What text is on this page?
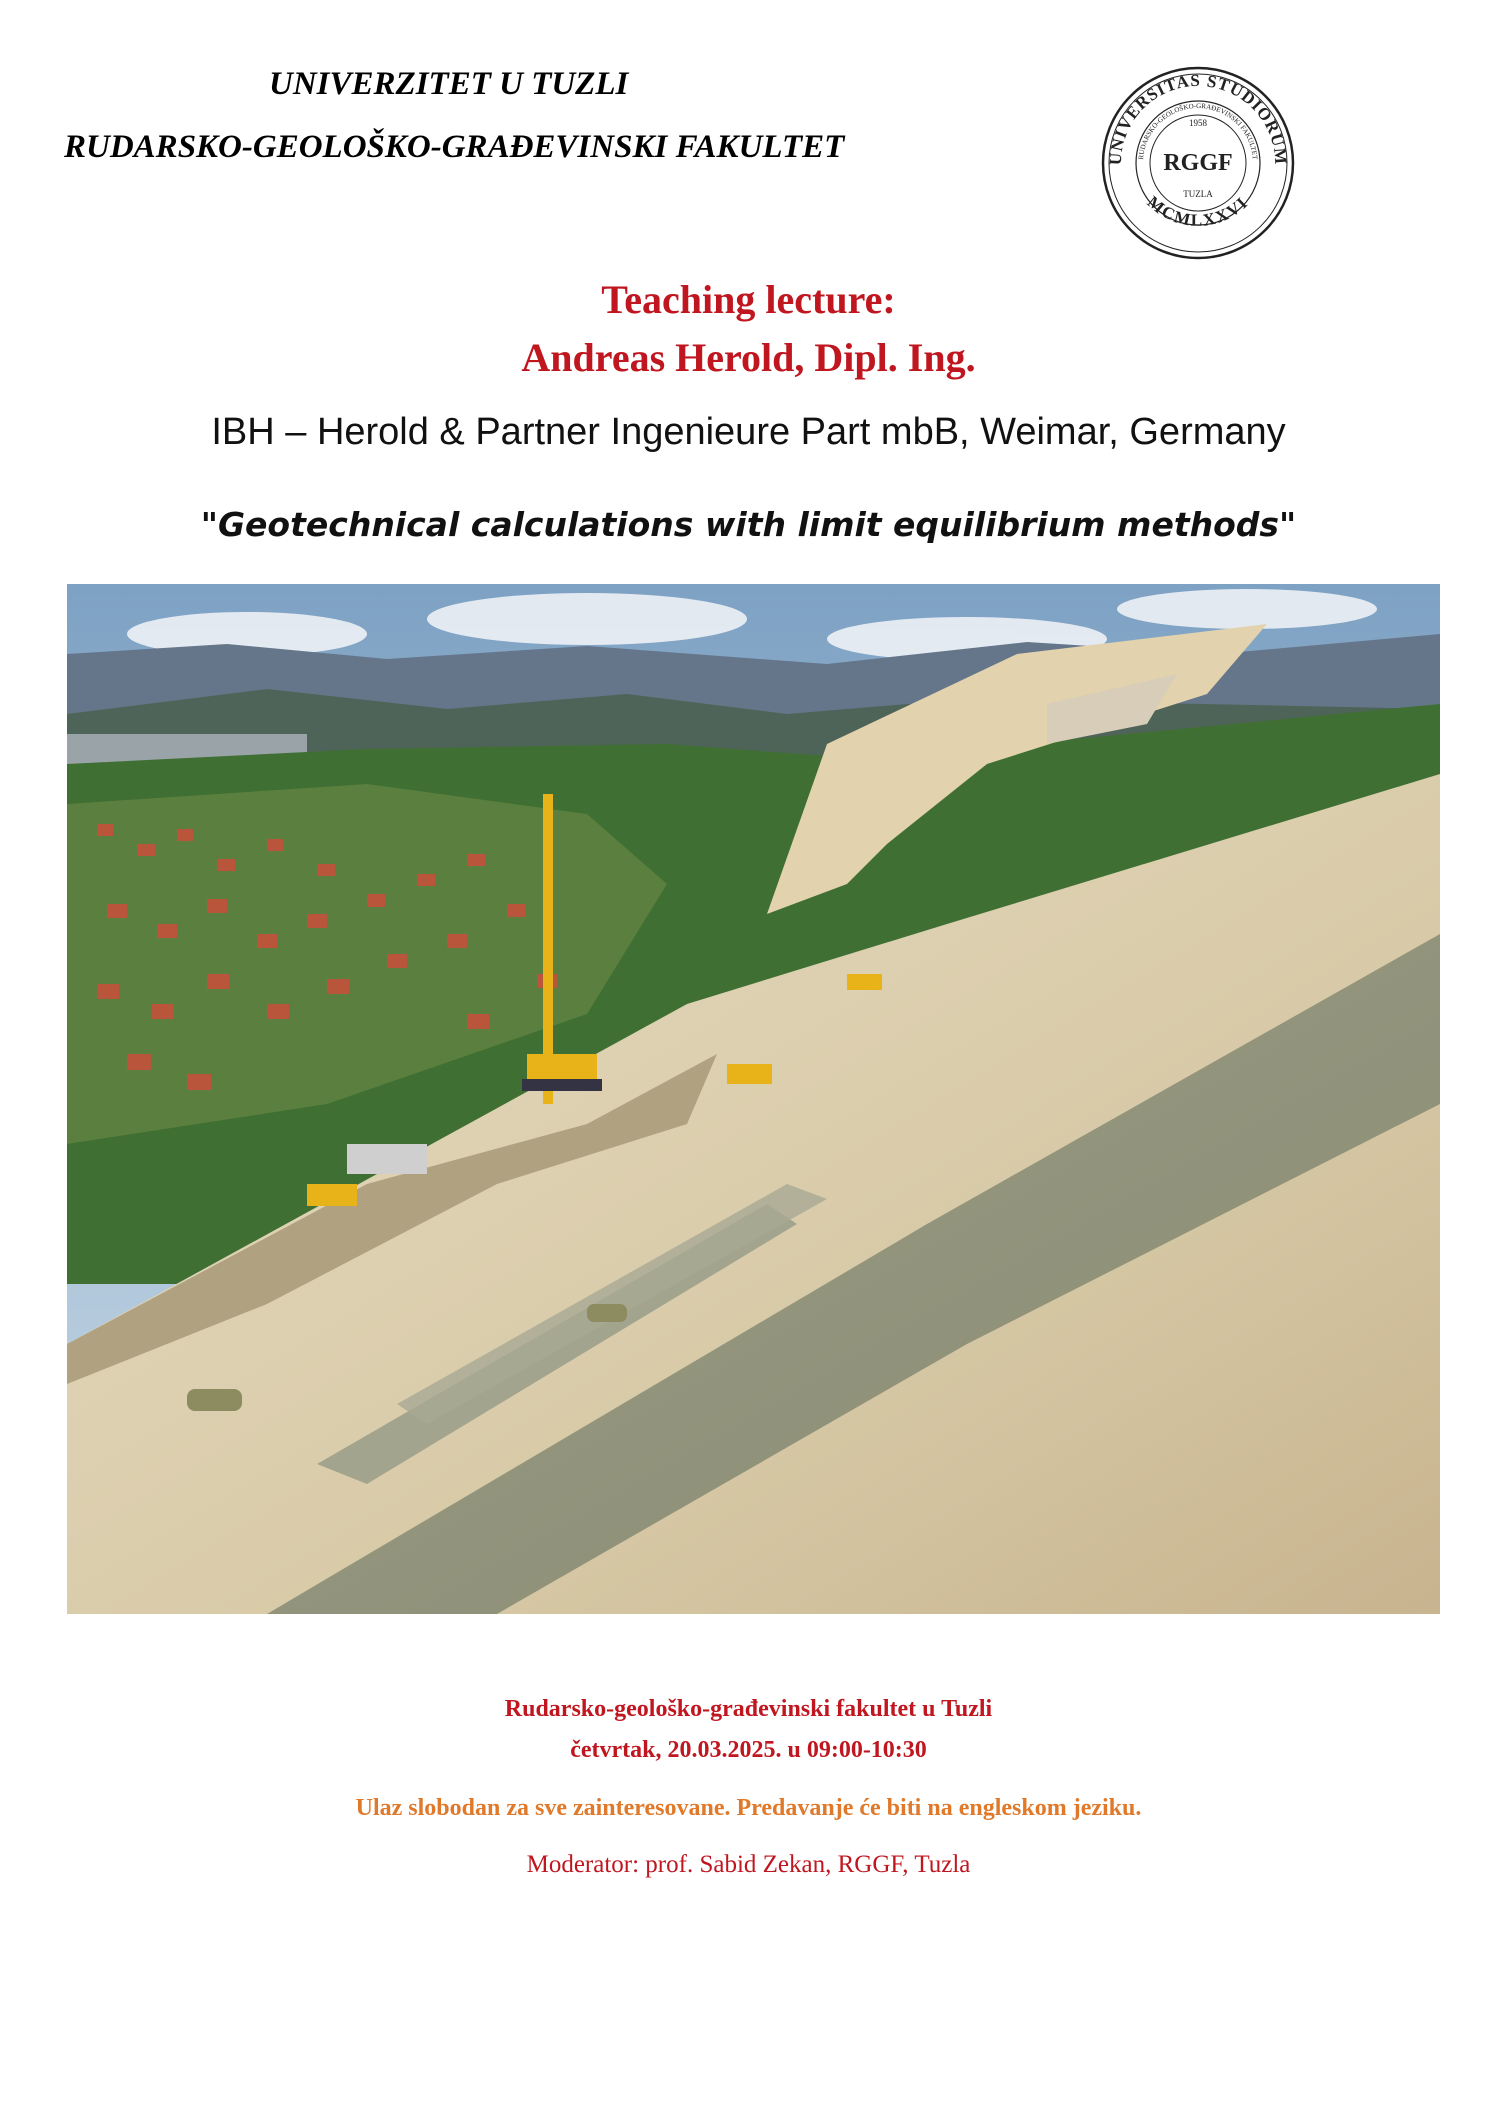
UNIVERZITET U TUZLI
RUDARSKO-GEOLOŠKO-GRAĐEVINSKI FAKULTET	UNIVERSITAS STUDIORUM
MCMLXXVI
RUDARSKO-GEOLOŠKO-GRAĐEVINSKI FAKULTET
1958
RGGF
TUZLA
Teaching lecture:
Andreas Herold, Dipl. Ing.
IBH – Herold & Partner Ingenieure Part mbB, Weimar, Germany
"Geotechnical calculations with limit equilibrium methods"
Rudarsko-geološko-građevinski fakultet u Tuzli
četvrtak, 20.03.2025. u 09:00-10:30
Ulaz slobodan za sve zainteresovane. Predavanje će biti na engleskom jeziku.
Moderator: prof. Sabid Zekan, RGGF, Tuzla
